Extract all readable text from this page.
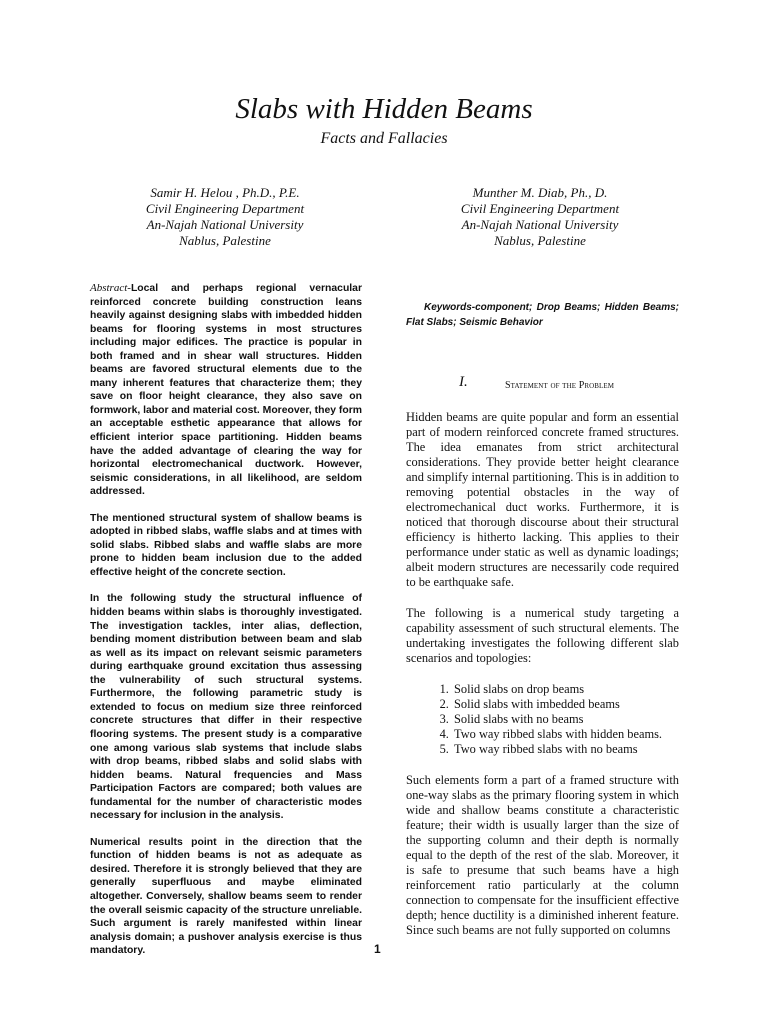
Slabs with Hidden Beams
Facts and Fallacies
Samir H. Helou , Ph.D., P.E.
Civil Engineering Department
An-Najah National University
Nablus, Palestine
Munther M. Diab, Ph., D.
Civil Engineering Department
An-Najah National University
Nablus, Palestine

Abstract-Local and perhaps regional vernacular reinforced concrete building construction leans heavily against designing slabs with imbedded hidden beams for flooring systems in most structures including major edifices. The practice is popular in both framed and in shear wall structures. Hidden beams are favored structural elements due to the many inherent features that characterize them; they save on floor height clearance, they also save on formwork, labor and material cost. Moreover, they form an acceptable esthetic appearance that allows for efficient interior space partitioning. Hidden beams have the added advantage of clearing the way for horizontal electromechanical ductwork. However, seismic considerations, in all likelihood, are seldom addressed.

The mentioned structural system of shallow beams is adopted in ribbed slabs, waffle slabs and at times with solid slabs. Ribbed slabs and waffle slabs are more prone to hidden beam inclusion due to the added effective height of the concrete section.

In the following study the structural influence of hidden beams within slabs is thoroughly investigated. The investigation tackles, inter alias, deflection, bending moment distribution between beam and slab as well as its impact on relevant seismic parameters during earthquake ground excitation thus assessing the vulnerability of such structural systems. Furthermore, the following parametric study is extended to focus on medium size three reinforced concrete structures that differ in their respective flooring systems. The present study is a comparative one among various slab systems that include slabs with drop beams, ribbed slabs and solid slabs with hidden beams. Natural frequencies and Mass Participation Factors are compared; both values are fundamental for the number of characteristic modes necessary for inclusion in the analysis.

Numerical results point in the direction that the function of hidden beams is not as adequate as desired. Therefore it is strongly believed that they are generally superfluous and maybe eliminated altogether. Conversely, shallow beams seem to render the overall seismic capacity of the structure unreliable. Such argument is rarely manifested within linear analysis domain; a pushover analysis exercise is thus mandatory.

Keywords-component; Drop Beams; Hidden Beams; Flat Slabs; Seismic Behavior

I.	Statement of the Problem

Hidden beams are quite popular and form an essential part of modern reinforced concrete framed structures. The idea emanates from strict architectural considerations. They provide better height clearance and simplify internal partitioning. This is in addition to removing potential obstacles in the way of electromechanical duct works. Furthermore, it is noticed that thorough discourse about their structural efficiency is hitherto lacking. This applies to their performance under static as well as dynamic loadings; albeit modern structures are necessarily code required to be earthquake safe.

The following is a numerical study targeting a capability assessment of such structural elements. The undertaking investigates the following different slab scenarios and topologies:

1. Solid slabs on drop beams
2. Solid slabs with imbedded beams
3. Solid slabs with no beams
4. Two way ribbed slabs with hidden beams.
5. Two way ribbed slabs with no beams

Such elements form a part of a framed structure with one-way slabs as the primary flooring system in which wide and shallow beams constitute a characteristic feature; their width is usually larger than the size of the supporting column and their depth is normally equal to the depth of the rest of the slab. Moreover, it is safe to presume that such beams have a high reinforcement ratio particularly at the column connection to compensate for the insufficient effective depth; hence ductility is a diminished inherent feature. Since such beams are not fully supported on columns

1
